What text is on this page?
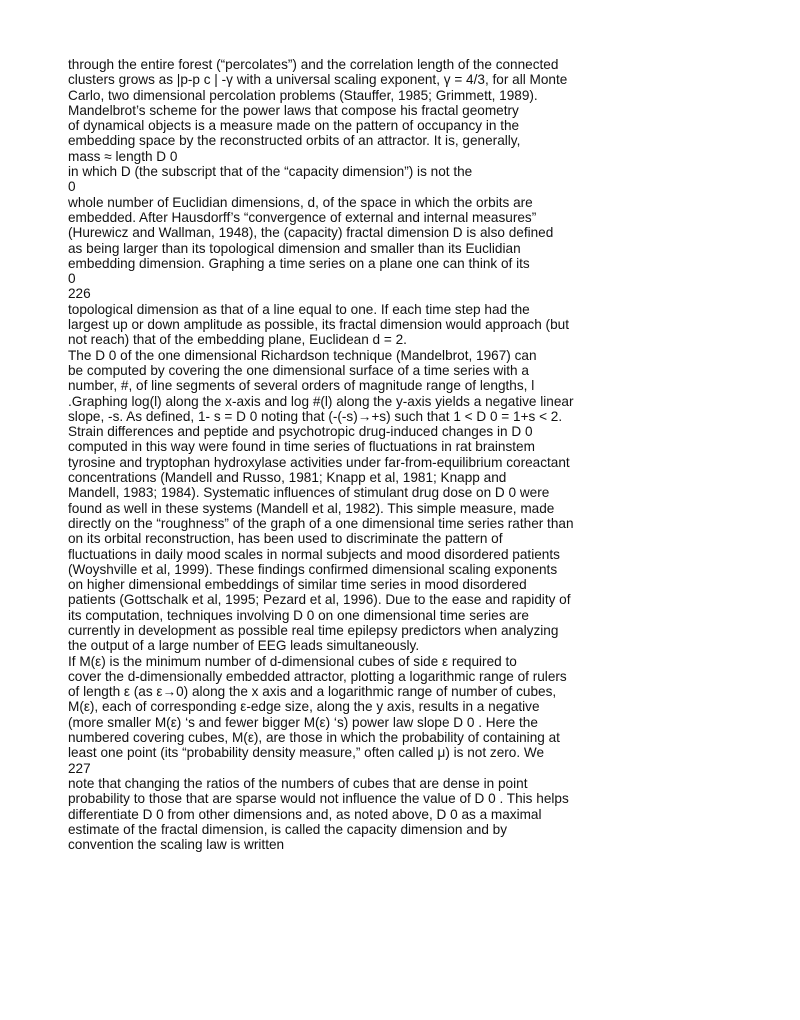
through the entire forest (“percolates”) and the correlation length of the connected
clusters grows as |p-p c | -γ with a universal scaling exponent, γ = 4/3, for all Monte
Carlo, two dimensional percolation problems (Stauffer, 1985; Grimmett, 1989).
Mandelbrot’s scheme for the power laws that compose his fractal geometry
of dynamical objects is a measure made on the pattern of occupancy in the
embedding space by the reconstructed orbits of an attractor. It is, generally,
mass ≈ length D 0
in which D (the subscript that of the “capacity dimension”) is not the
0
whole number of Euclidian dimensions, d, of the space in which the orbits are
embedded. After Hausdorff’s “convergence of external and internal measures”
(Hurewicz and Wallman, 1948), the (capacity) fractal dimension D is also defined
as being larger than its topological dimension and smaller than its Euclidian
embedding dimension. Graphing a time series on a plane one can think of its
0
226
topological dimension as that of a line equal to one. If each time step had the
largest up or down amplitude as possible, its fractal dimension would approach (but
not reach) that of the embedding plane, Euclidean d = 2.
The D 0 of the one dimensional Richardson technique (Mandelbrot, 1967) can
be computed by covering the one dimensional surface of a time series with a
number, #, of line segments of several orders of magnitude range of lengths, l
.Graphing log(l) along the x-axis and log #(l) along the y-axis yields a negative linear
slope, -s. As defined, 1- s = D 0 noting that (-(-s)→+s) such that 1 < D 0 = 1+s < 2.
Strain differences and peptide and psychotropic drug-induced changes in D 0
computed in this way were found in time series of fluctuations in rat brainstem
tyrosine and tryptophan hydroxylase activities under far-from-equilibrium coreactant
concentrations (Mandell and Russo, 1981; Knapp et al, 1981; Knapp and
Mandell, 1983; 1984). Systematic influences of stimulant drug dose on D 0 were
found as well in these systems (Mandell et al, 1982). This simple measure, made
directly on the “roughness” of the graph of a one dimensional time series rather than
on its orbital reconstruction, has been used to discriminate the pattern of
fluctuations in daily mood scales in normal subjects and mood disordered patients
(Woyshville et al, 1999). These findings confirmed dimensional scaling exponents
on higher dimensional embeddings of similar time series in mood disordered
patients (Gottschalk et al, 1995; Pezard et al, 1996). Due to the ease and rapidity of
its computation, techniques involving D 0 on one dimensional time series are
currently in development as possible real time epilepsy predictors when analyzing
the output of a large number of EEG leads simultaneously.
If M(ε) is the minimum number of d-dimensional cubes of side ε required to
cover the d-dimensionally embedded attractor, plotting a logarithmic range of rulers
of length ε (as ε→0) along the x axis and a logarithmic range of number of cubes,
M(ε), each of corresponding ε-edge size, along the y axis, results in a negative
(more smaller M(ε) ‘s and fewer bigger M(ε) ‘s) power law slope D 0 . Here the
numbered covering cubes, M(ε), are those in which the probability of containing at
least one point (its “probability density measure,” often called μ) is not zero. We
227
note that changing the ratios of the numbers of cubes that are dense in point
probability to those that are sparse would not influence the value of D 0 . This helps
differentiate D 0 from other dimensions and, as noted above, D 0 as a maximal
estimate of the fractal dimension, is called the capacity dimension and by
convention the scaling law is written
